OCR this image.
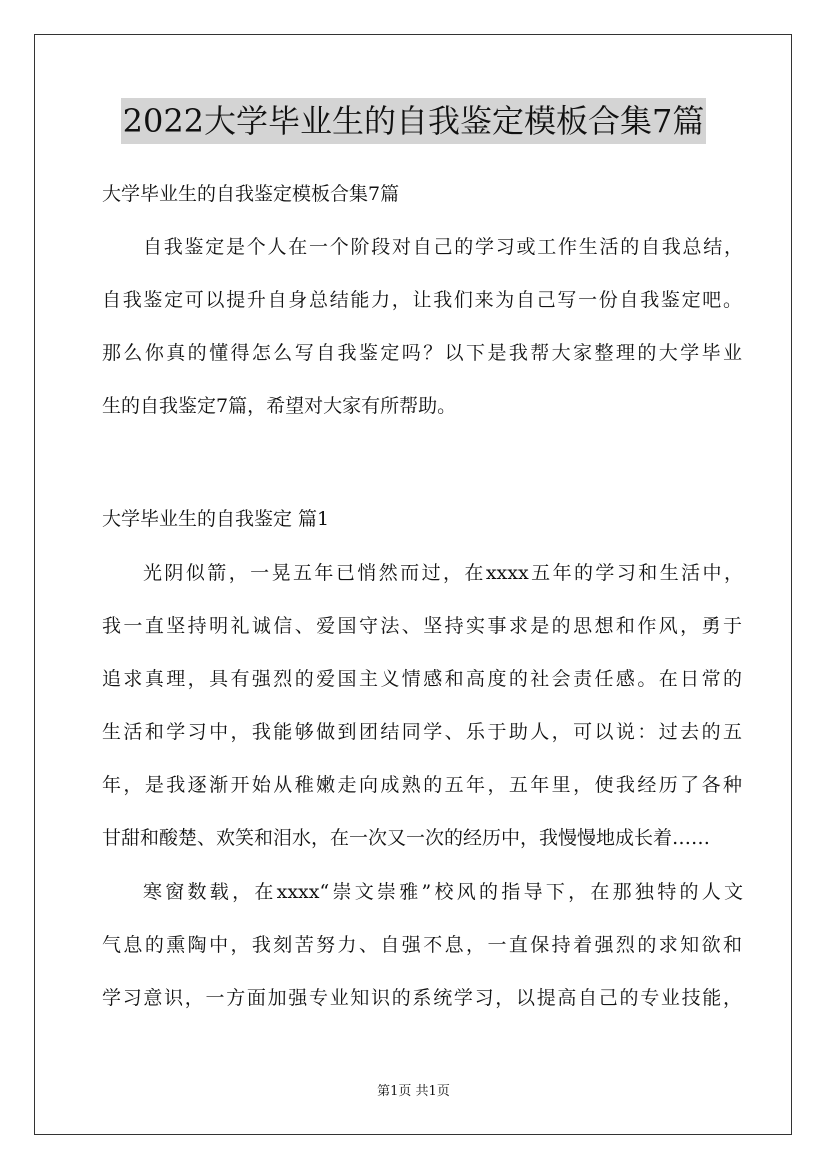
2022大学毕业生的自我鉴定模板合集7篇
大学毕业生的自我鉴定模板合集7篇
自我鉴定是个人在一个阶段对自己的学习或工作生活的自我总结，
自我鉴定可以提升自身总结能力，让我们来为自己写一份自我鉴定吧。
那么你真的懂得怎么写自我鉴定吗？以下是我帮大家整理的大学毕业
生的自我鉴定7篇，希望对大家有所帮助。
大学毕业生的自我鉴定 篇1
光阴似箭，一晃五年已悄然而过，在xxxx五年的学习和生活中，
我一直坚持明礼诚信、爱国守法、坚持实事求是的思想和作风，勇于
追求真理，具有强烈的爱国主义情感和高度的社会责任感。在日常的
生活和学习中，我能够做到团结同学、乐于助人，可以说：过去的五
年，是我逐渐开始从稚嫩走向成熟的五年，五年里，使我经历了各种
甘甜和酸楚、欢笑和泪水，在一次又一次的经历中，我慢慢地成长着……
寒窗数载，在xxxx“崇文崇雅”校风的指导下，在那独特的人文
气息的熏陶中，我刻苦努力、自强不息，一直保持着强烈的求知欲和
学习意识，一方面加强专业知识的系统学习，以提高自己的专业技能，
第1页 共1页
